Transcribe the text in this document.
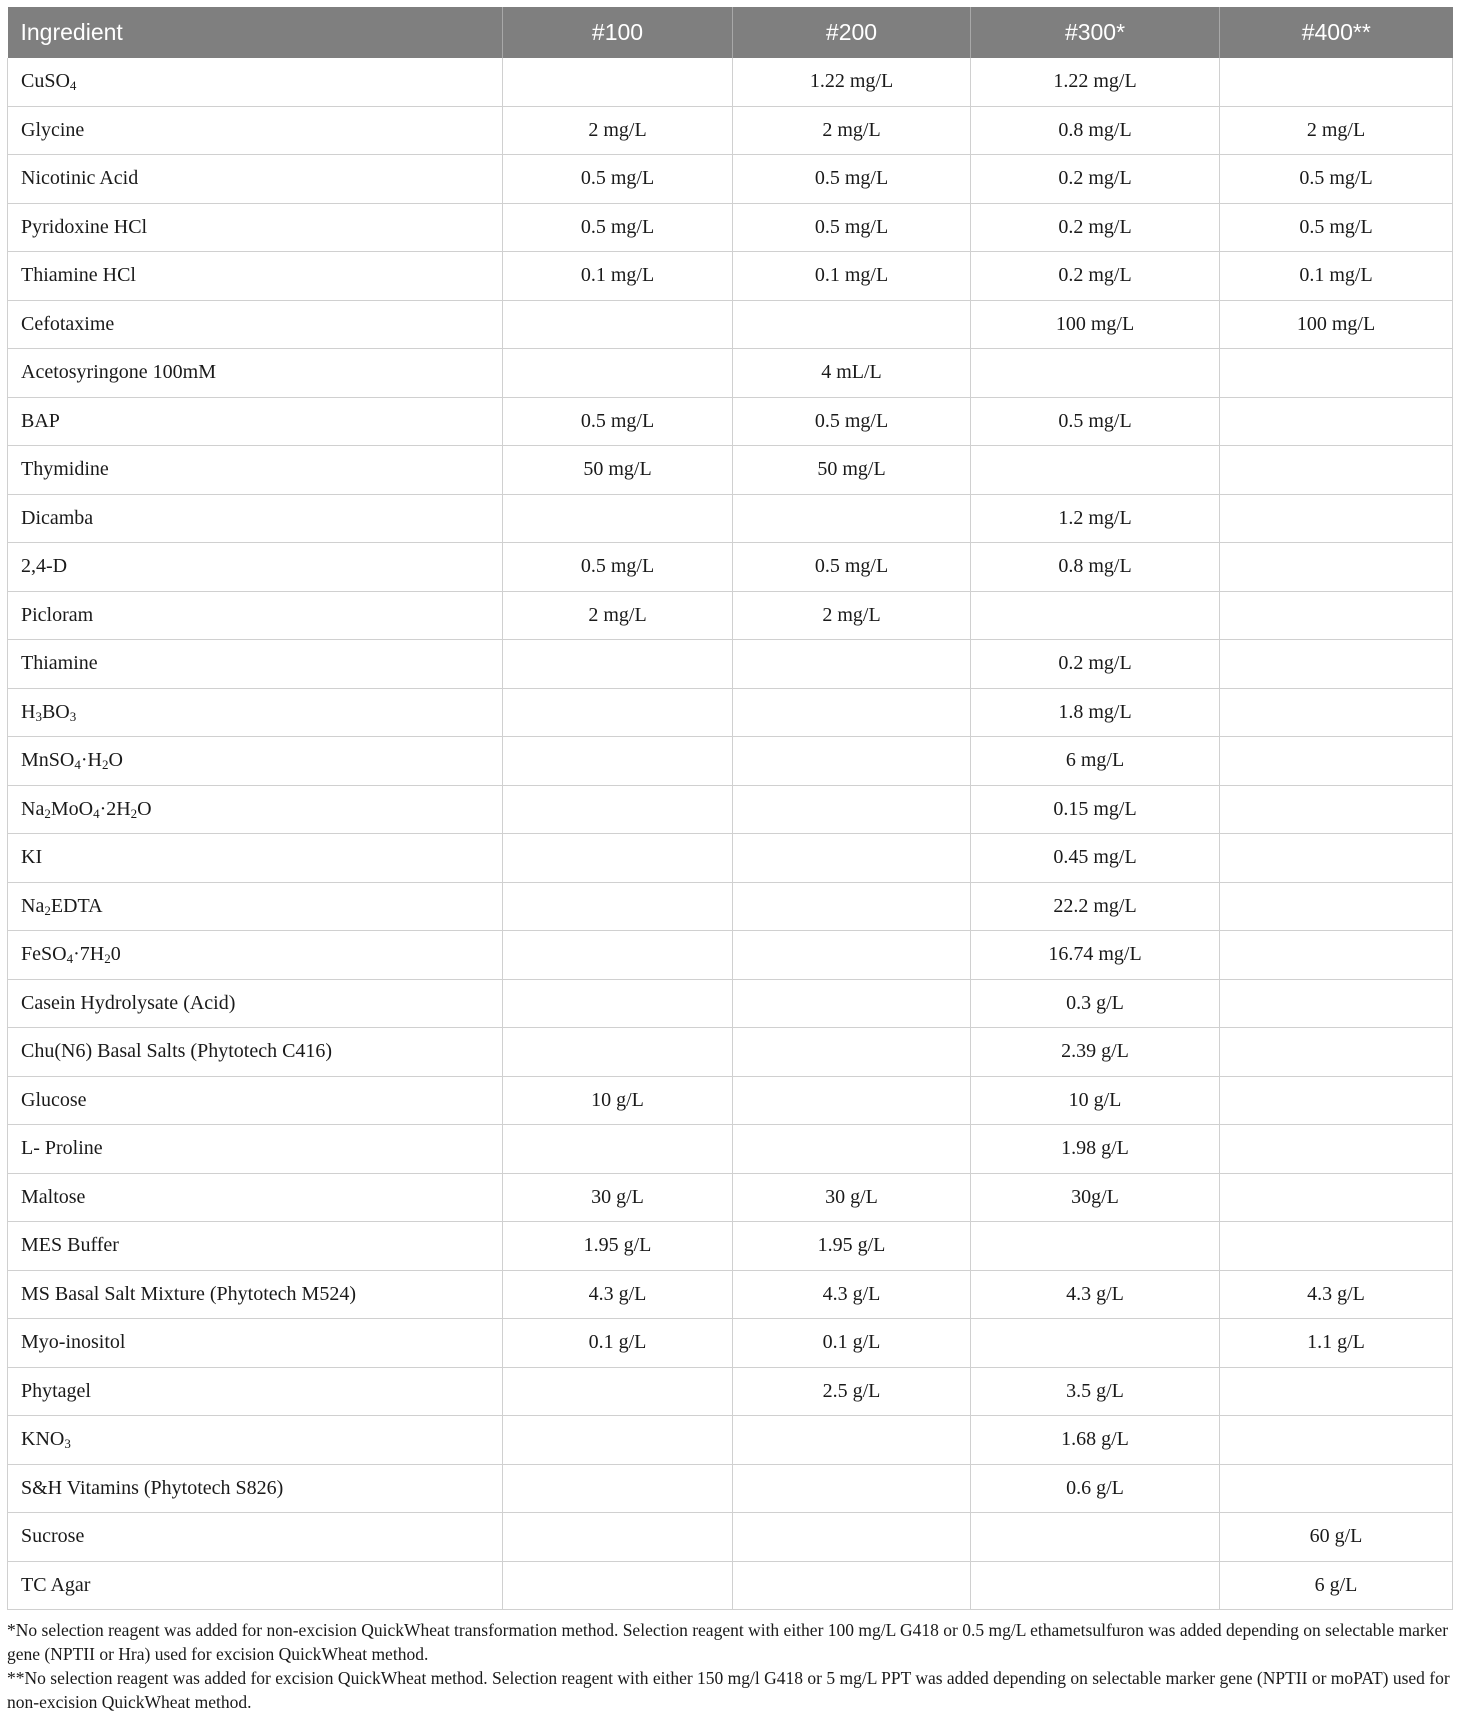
Ingredient	#100	#200	#300*	#400**
CuSO$_4$		1.22 mg/L	1.22 mg/L	
Glycine	2 mg/L	2 mg/L	0.8 mg/L	2 mg/L
Nicotinic Acid	0.5 mg/L	0.5 mg/L	0.2 mg/L	0.5 mg/L
Pyridoxine HCl	0.5 mg/L	0.5 mg/L	0.2 mg/L	0.5 mg/L
Thiamine HCl	0.1 mg/L	0.1 mg/L	0.2 mg/L	0.1 mg/L
Cefotaxime			100 mg/L	100 mg/L
Acetosyringone 100mM		4 mL/L		
BAP	0.5 mg/L	0.5 mg/L	0.5 mg/L	
Thymidine	50 mg/L	50 mg/L		
Dicamba			1.2 mg/L	
2,4-D	0.5 mg/L	0.5 mg/L	0.8 mg/L	
Picloram	2 mg/L	2 mg/L		
Thiamine			0.2 mg/L	
$H_3BO_3$			1.8 mg/L	
$MnSO_4\cdot H_2O$			6 mg/L	
$Na_2MoO_4\cdot 2H_2O$			0.15 mg/L	
KI			0.45 mg/L	
$Na_2EDTA$			22.2 mg/L	
$FeSO_4\cdot 7H_20$			16.74 mg/L	
Casein Hydrolysate (Acid)			0.3 g/L	
Chu(N6) Basal Salts (Phytotech C416)			2.39 g/L	
Glucose	10 g/L		10 g/L	
L- Proline			1.98 g/L	
Maltose	30 g/L	30 g/L	30g/L	
MES Buffer	1.95 g/L	1.95 g/L		
MS Basal Salt Mixture (Phytotech M524)	4.3 g/L	4.3 g/L	4.3 g/L	4.3 g/L
Myo-inositol	0.1 g/L	0.1 g/L		1.1 g/L
Phytagel		2.5 g/L	3.5 g/L	
$KNO_3$			1.68 g/L	
S&H Vitamins (Phytotech S826)			0.6 g/L	
Sucrose				60 g/L
TC Agar				6 g/L

*No selection reagent was added for non-excision QuickWheat transformation method. Selection reagent with either 100 mg/L G418 or 0.5 mg/L ethametsulfuron was added depending on selectable marker gene (NPTII or Hra) used for excision QuickWheat method.

**No selection reagent was added for excision QuickWheat method. Selection reagent with either 150 mg/l G418 or 5 mg/L PPT was added depending on selectable marker gene (NPTII or moPAT) used for non-excision QuickWheat method.
